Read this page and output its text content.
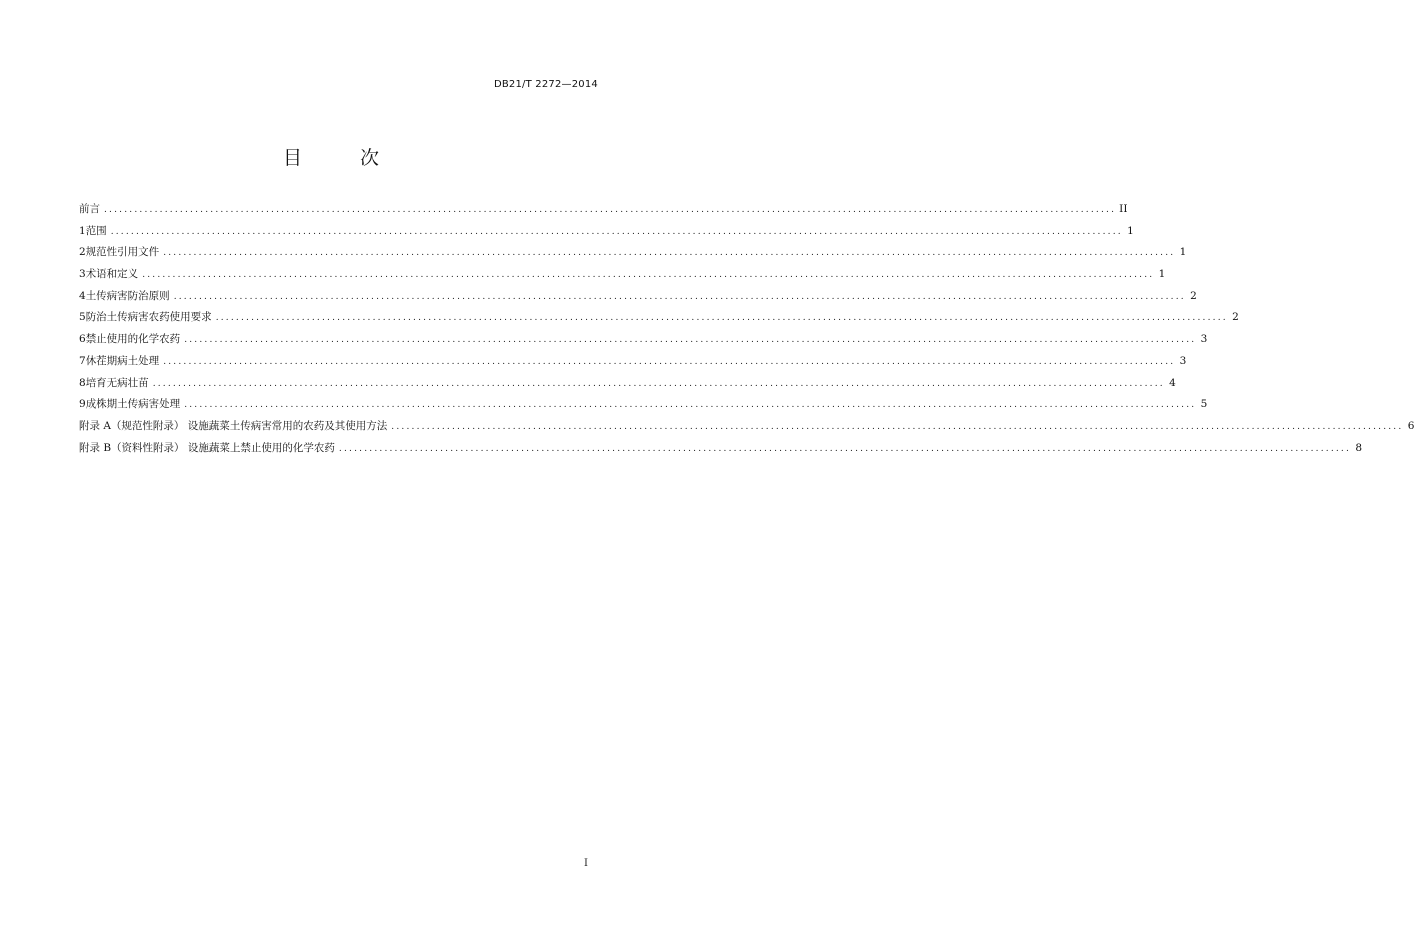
DB21/T 2272—2014
目 次
前言 ........................................................................................................................................................................................................ II
1 范围 ........................................................................................................................................................................................................ 1
2 规范性引用文件 ........................................................................................................................................................................................................ 1
3 术语和定义 ........................................................................................................................................................................................................ 1
4 土传病害防治原则 ........................................................................................................................................................................................................ 2
5 防治土传病害农药使用要求 ........................................................................................................................................................................................................ 2
6 禁止使用的化学农药 ........................................................................................................................................................................................................ 3
7 休茬期病土处理 ........................................................................................................................................................................................................ 3
8 培育无病壮苗 ........................................................................................................................................................................................................ 4
9 成株期土传病害处理 ........................................................................................................................................................................................................ 5
附录 A（规范性附录） 设施蔬菜土传病害常用的农药及其使用方法 ........................................................................................................................................................................................................ 6
附录 B（资料性附录） 设施蔬菜上禁止使用的化学农药 ........................................................................................................................................................................................................ 8
I
